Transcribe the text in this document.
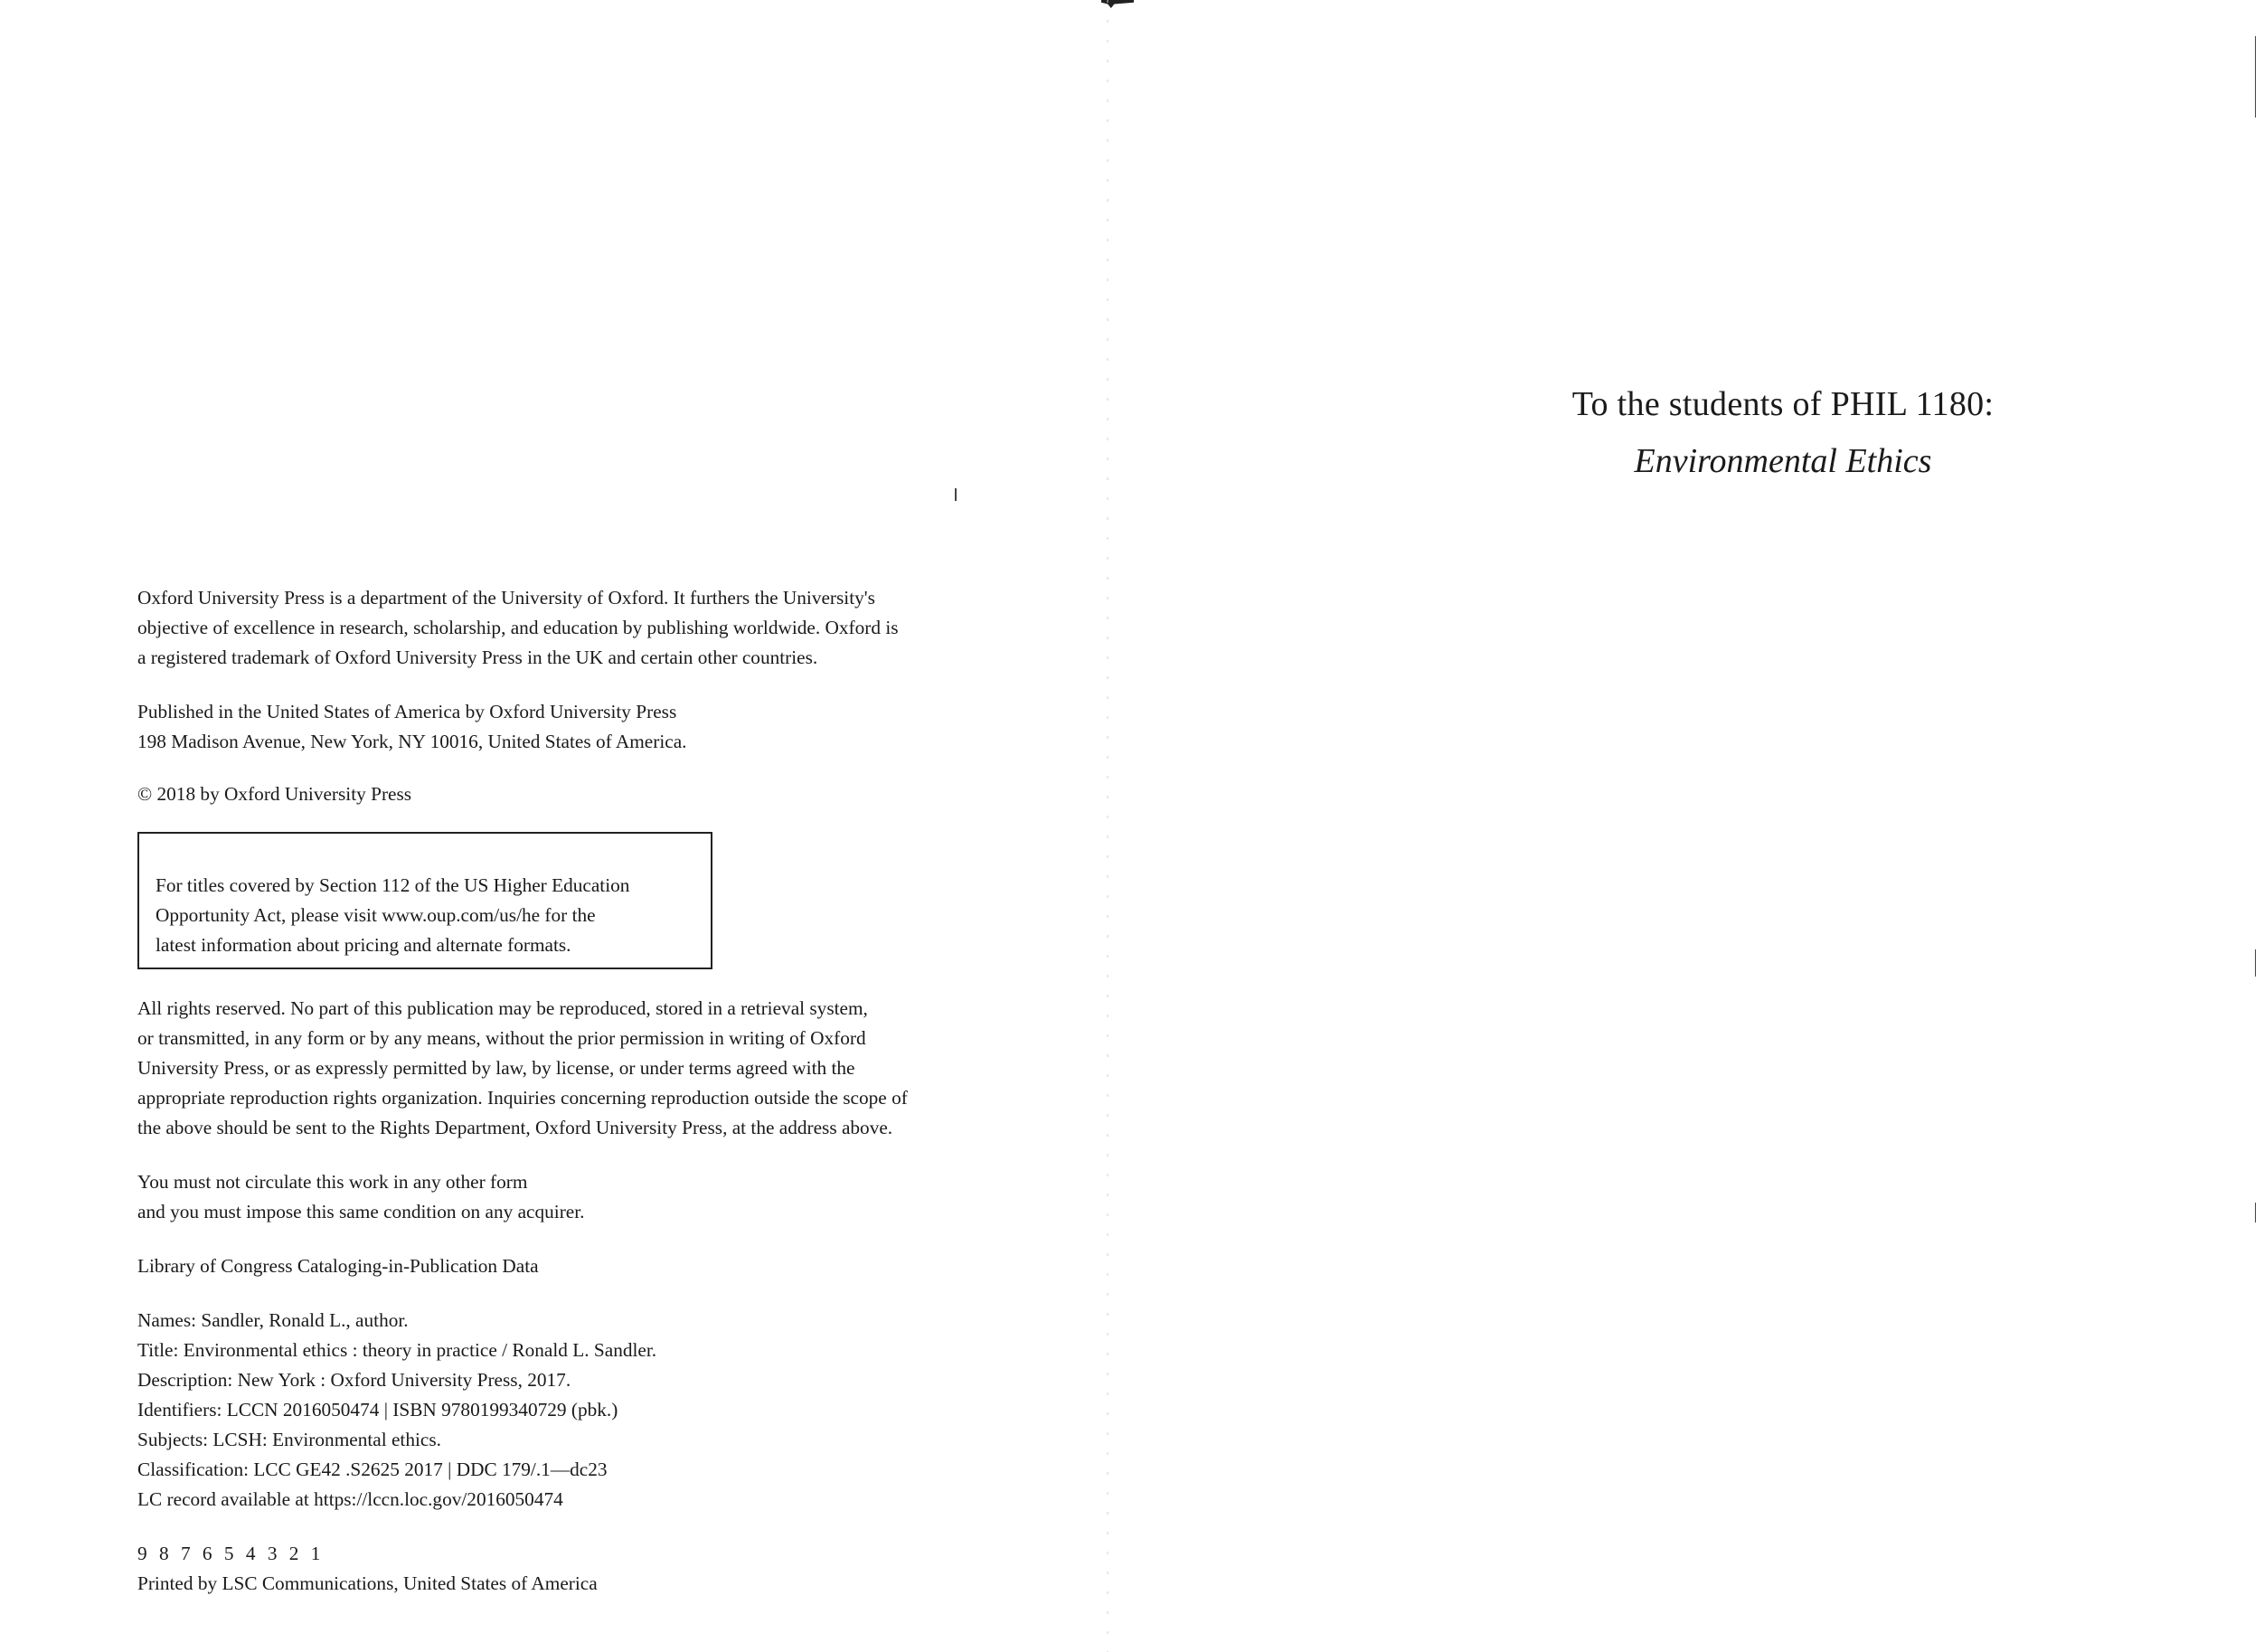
Oxford University Press is a department of the University of Oxford. It furthers the University's
objective of excellence in research, scholarship, and education by publishing worldwide. Oxford is
a registered trademark of Oxford University Press in the UK and certain other countries.

Published in the United States of America by Oxford University Press
198 Madison Avenue, New York, NY 10016, United States of America.

© 2018 by Oxford University Press

For titles covered by Section 112 of the US Higher Education
Opportunity Act, please visit www.oup.com/us/he for the
latest information about pricing and alternate formats.

All rights reserved. No part of this publication may be reproduced, stored in a retrieval system,
or transmitted, in any form or by any means, without the prior permission in writing of Oxford
University Press, or as expressly permitted by law, by license, or under terms agreed with the
appropriate reproduction rights organization. Inquiries concerning reproduction outside the scope of
the above should be sent to the Rights Department, Oxford University Press, at the address above.

You must not circulate this work in any other form
and you must impose this same condition on any acquirer.

Library of Congress Cataloging-in-Publication Data

Names: Sandler, Ronald L., author.
Title: Environmental ethics : theory in practice / Ronald L. Sandler.
Description: New York : Oxford University Press, 2017.
Identifiers: LCCN 2016050474 | ISBN 9780199340729 (pbk.)
Subjects: LCSH: Environmental ethics.
Classification: LCC GE42 .S2625 2017 | DDC 179/.1—dc23
LC record available at https://lccn.loc.gov/2016050474

9 8 7 6 5 4 3 2 1

Printed by LSC Communications, United States of America

To the students of PHIL 1180:
Environmental Ethics
